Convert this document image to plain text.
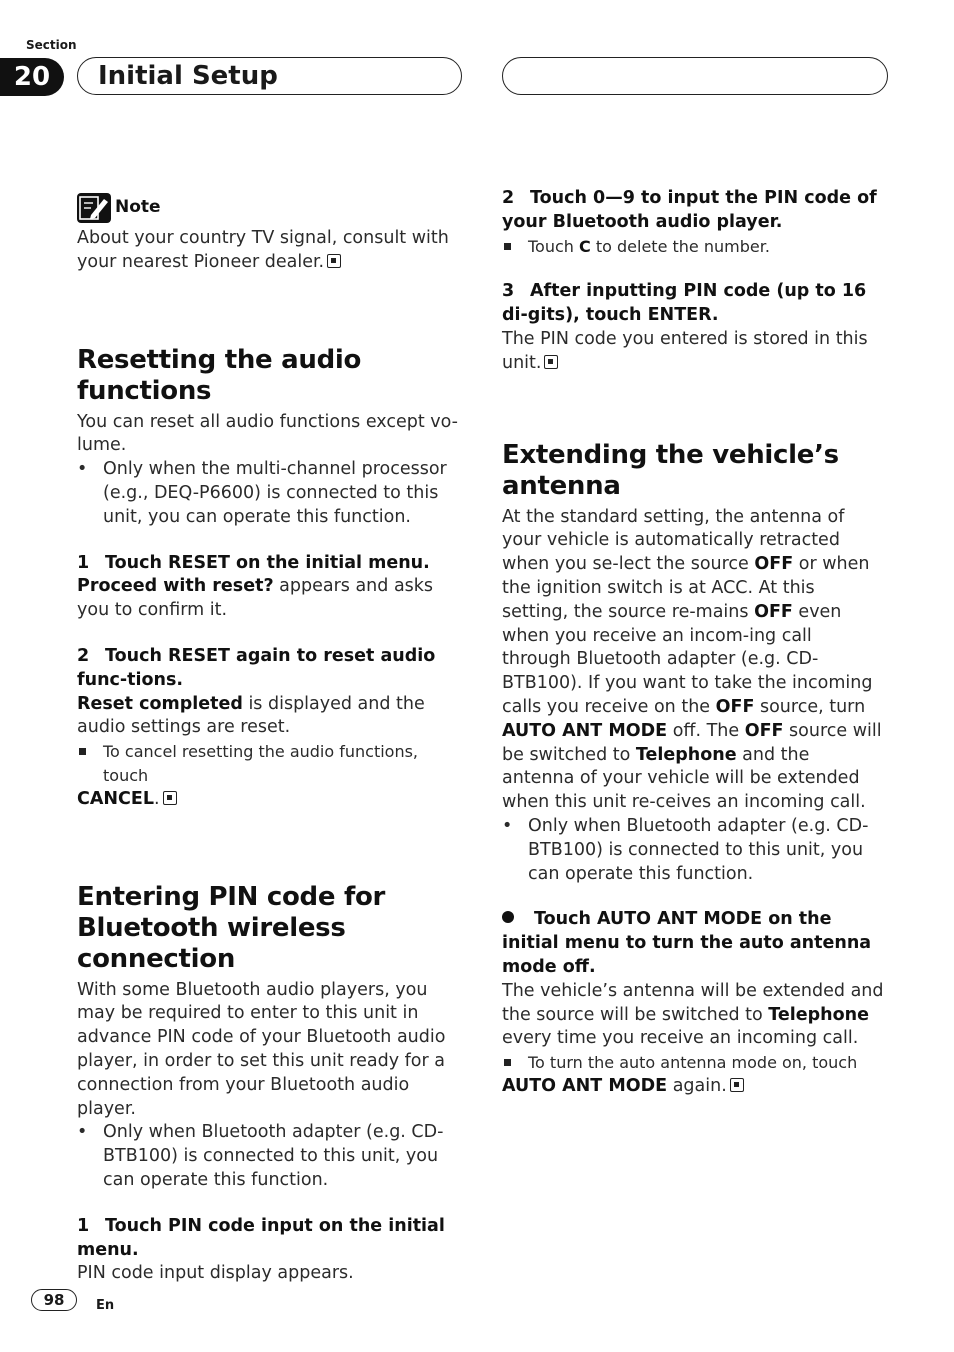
Section
20	Initial Setup
Note

About your country TV signal, consult with your nearest Pioneer dealer.

Resetting the audio functions

You can reset all audio functions except vo-lume.

• Only when the multi-channel processor (e.g., DEQ-P6600) is connected to this unit, you can operate this function.

1 Touch RESET on the initial menu.

Proceed with reset? appears and asks you to confirm it.

2 Touch RESET again to reset audio func-tions.

Reset completed is displayed and the audio settings are reset.

To cancel resetting the audio functions, touch

CANCEL.

Entering PIN code for Bluetooth wireless connection

With some Bluetooth audio players, you may be required to enter to this unit in advance PIN code of your Bluetooth audio player, in order to set this unit ready for a connection from your Bluetooth audio player.

• Only when Bluetooth adapter (e.g. CD-BTB100) is connected to this unit, you can operate this function.

1 Touch PIN code input on the initial menu.

PIN code input display appears.

2 Touch 0—9 to input the PIN code of your Bluetooth audio player.

Touch C to delete the number.

3 After inputting PIN code (up to 16 di-gits), touch ENTER.

The PIN code you entered is stored in this unit.

Extending the vehicle’s antenna

At the standard setting, the antenna of your vehicle is automatically retracted when you se-lect the source OFF or when the ignition switch is at ACC. At this setting, the source re-mains OFF even when you receive an incom-ing call through Bluetooth adapter (e.g. CD-BTB100). If you want to take the incoming calls you receive on the OFF source, turn AUTO ANT MODE off. The OFF source will be switched to Telephone and the antenna of your vehicle will be extended when this unit re-ceives an incoming call.

• Only when Bluetooth adapter (e.g. CD-BTB100) is connected to this unit, you can operate this function.

Touch AUTO ANT MODE on the initial menu to turn the auto antenna mode off.

The vehicle’s antenna will be extended and the source will be switched to Telephone every time you receive an incoming call.

To turn the auto antenna mode on, touch

AUTO ANT MODE again.

98	En
